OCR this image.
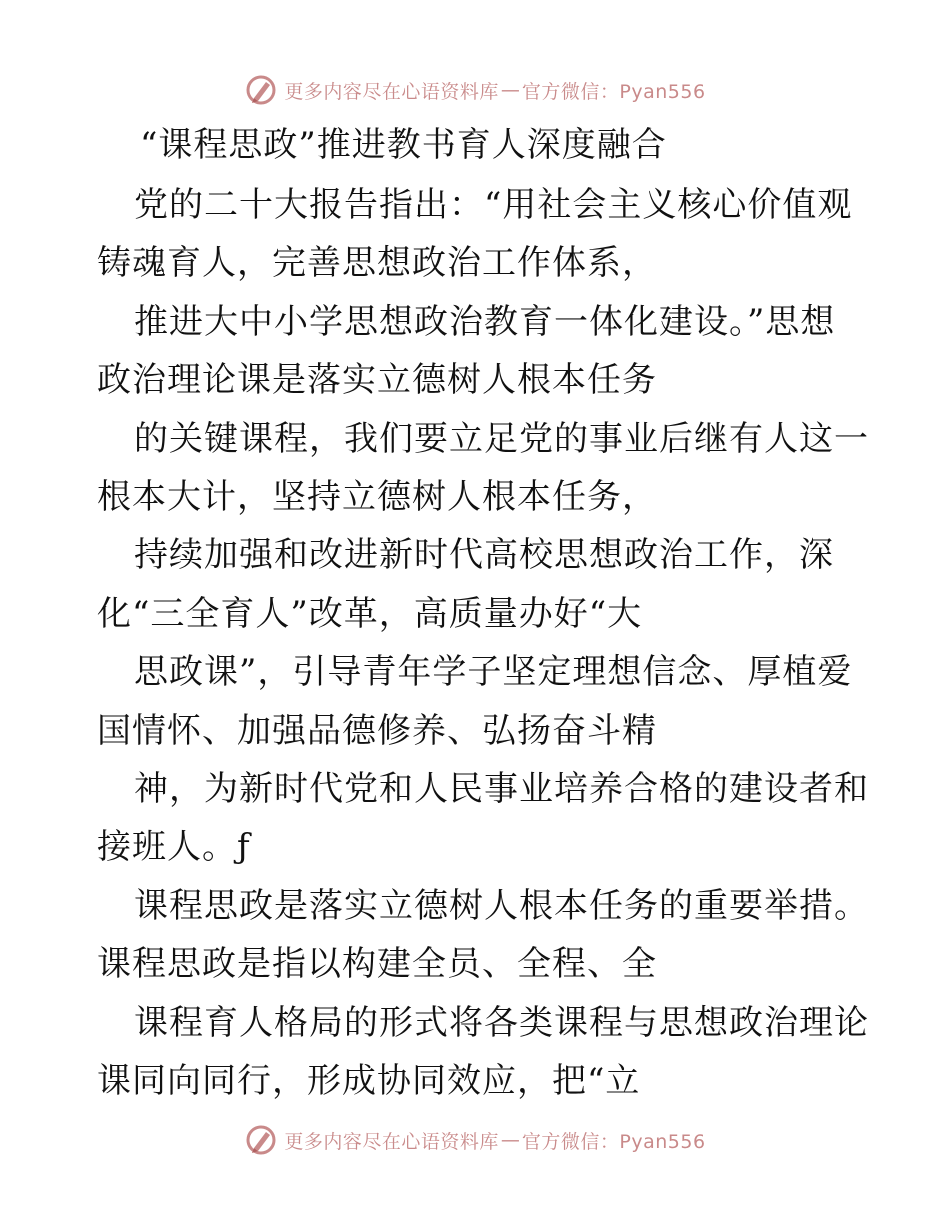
更多内容尽在心语资料库 — 官方微信：Pyan556
“课程思政”推进教书育人深度融合
党的二十大报告指出：“用社会主义核心价值观
铸魂育人，完善思想政治工作体系，
推进大中小学思想政治教育一体化建设。”思想
政治理论课是落实立德树人根本任务
的关键课程，我们要立足党的事业后继有人这一
根本大计，坚持立德树人根本任务，
持续加强和改进新时代高校思想政治工作，深
化“三全育人”改革，高质量办好“大
思政课”，引导青年学子坚定理想信念、厚植爱
国情怀、加强品德修养、弘扬奋斗精
神，为新时代党和人民事业培养合格的建设者和
接班人。ƒ
课程思政是落实立德树人根本任务的重要举措。
课程思政是指以构建全员、全程、全
课程育人格局的形式将各类课程与思想政治理论
课同向同行，形成协同效应，把“立
更多内容尽在心语资料库 — 官方微信：Pyan556
